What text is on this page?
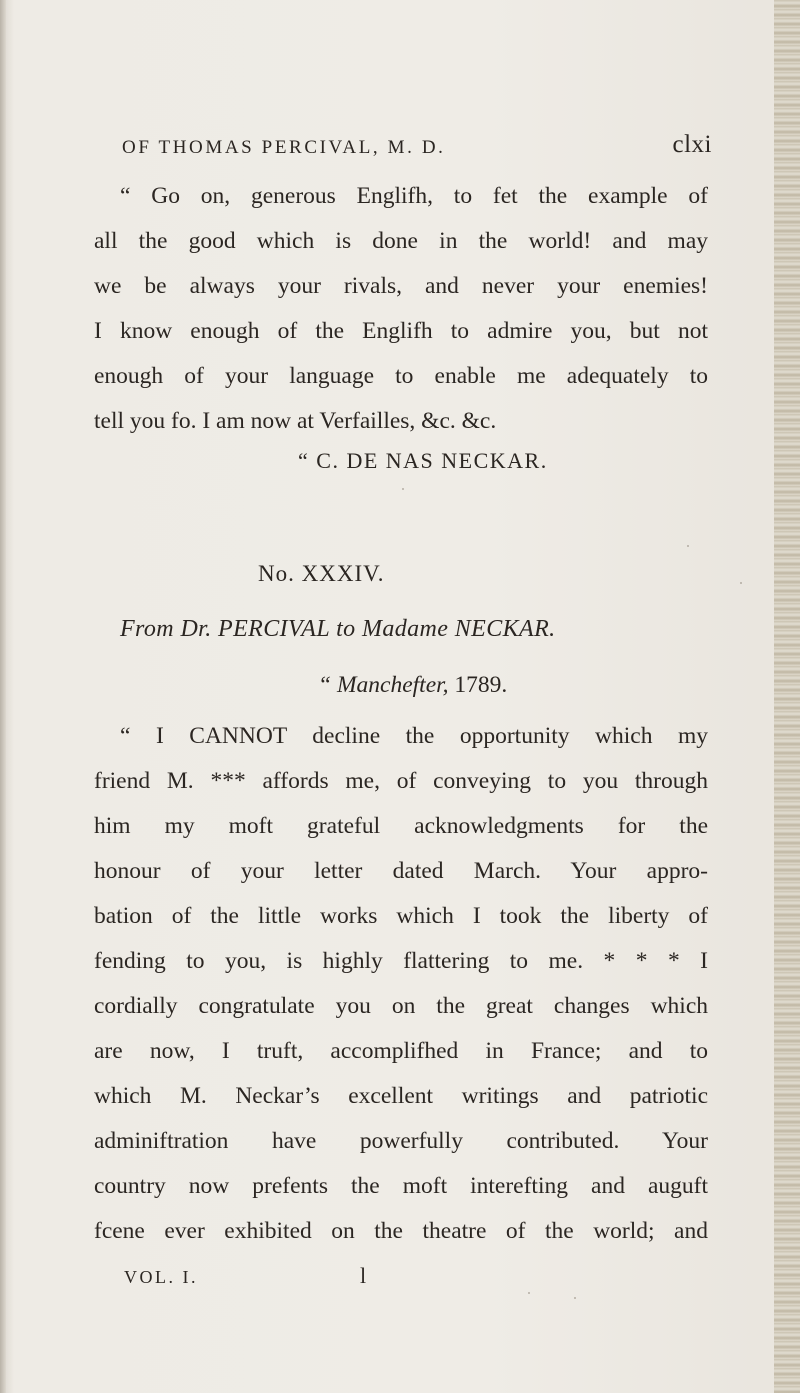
OF THOMAS PERCIVAL, M. D.	clxi
“ Go on, generous Englifh, to fet the example of
all the good which is done in the world! and may
we be always your rivals, and never your enemies!
I know enough of the Englifh to admire you, but not
enough of your language to enable me adequately to
tell you fo. I am now at Verfailles, &c. &c.
“ C. DE NAS NECKAR.
No. XXXIV.
From Dr. PERCIVAL to Madame NECKAR.
“ Manchefter, 1789.
“ I CANNOT decline the opportunity which my
friend M. *** affords me, of conveying to you through
him my moft grateful acknowledgments for the
honour of your letter dated March. Your appro-
bation of the little works which I took the liberty of
fending to you, is highly flattering to me. * * * I
cordially congratulate you on the great changes which
are now, I truft, accomplifhed in France; and to
which M. Neckar’s excellent writings and patriotic
adminiftration have powerfully contributed. Your
country now prefents the moft interefting and auguft
fcene ever exhibited on the theatre of the world; and
VOL. I.	l
